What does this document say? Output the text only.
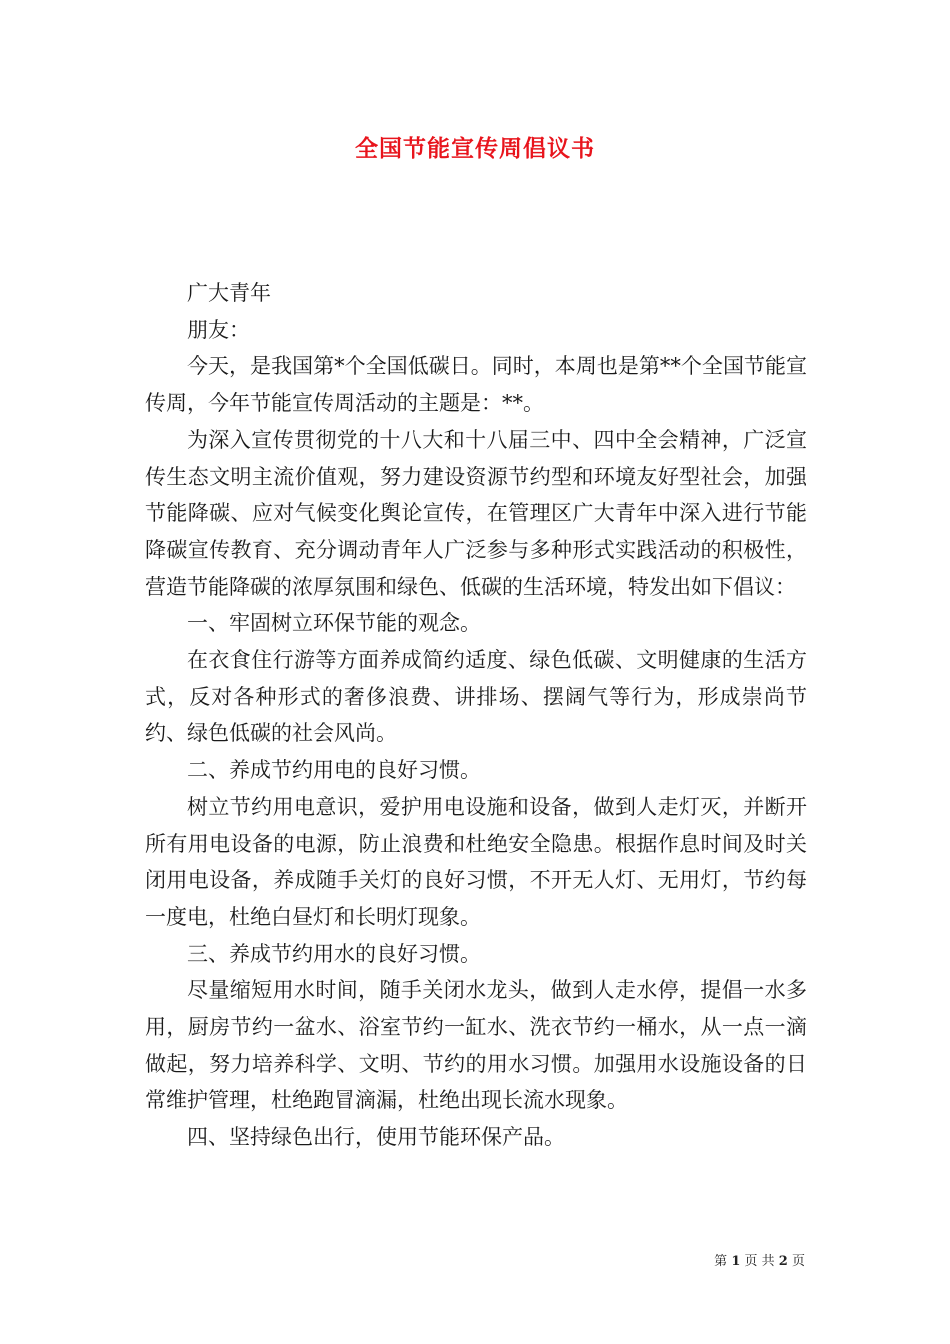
全国节能宣传周倡议书

广大青年

朋友：

今天，是我国第*个全国低碳日。同时，本周也是第**个全国节能宣传周，今年节能宣传周活动的主题是：**。

为深入宣传贯彻党的十八大和十八届三中、四中全会精神，广泛宣传生态文明主流价值观，努力建设资源节约型和环境友好型社会，加强节能降碳、应对气候变化舆论宣传，在管理区广大青年中深入进行节能降碳宣传教育、充分调动青年人广泛参与多种形式实践活动的积极性，营造节能降碳的浓厚氛围和绿色、低碳的生活环境，特发出如下倡议：

一、牢固树立环保节能的观念。

在衣食住行游等方面养成简约适度、绿色低碳、文明健康的生活方式，反对各种形式的奢侈浪费、讲排场、摆阔气等行为，形成崇尚节约、绿色低碳的社会风尚。

二、养成节约用电的良好习惯。

树立节约用电意识，爱护用电设施和设备，做到人走灯灭，并断开所有用电设备的电源，防止浪费和杜绝安全隐患。根据作息时间及时关闭用电设备，养成随手关灯的良好习惯，不开无人灯、无用灯，节约每一度电，杜绝白昼灯和长明灯现象。

三、养成节约用水的良好习惯。

尽量缩短用水时间，随手关闭水龙头，做到人走水停，提倡一水多用，厨房节约一盆水、浴室节约一缸水、洗衣节约一桶水，从一点一滴做起，努力培养科学、文明、节约的用水习惯。加强用水设施设备的日常维护管理，杜绝跑冒滴漏，杜绝出现长流水现象。

四、坚持绿色出行，使用节能环保产品。

第 1 页 共 2 页
